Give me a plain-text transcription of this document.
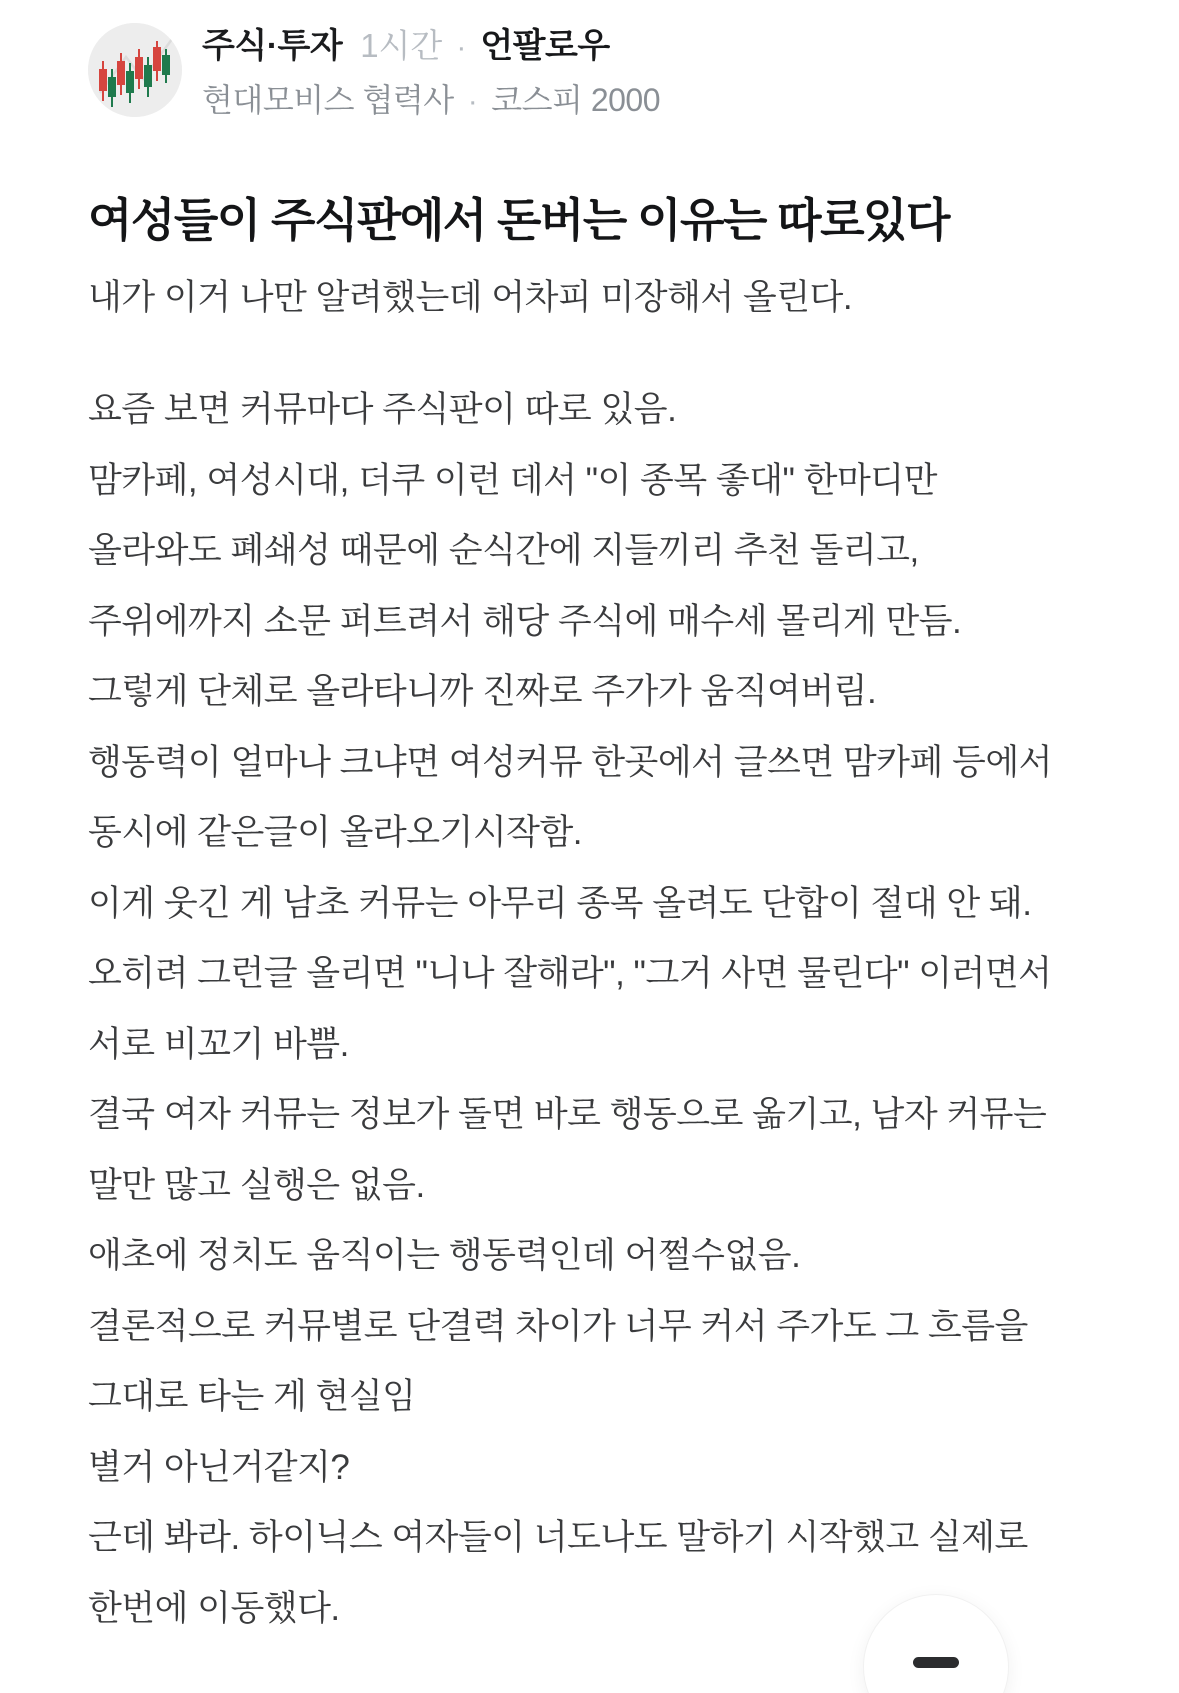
주식·투자 1시간 · 언팔로우
현대모비스 협력사 · 코스피 2000
여성들이 주식판에서 돈버는 이유는 따로있다
내가 이거 나만 알려했는데 어차피 미장해서 올린다.
요즘 보면 커뮤마다 주식판이 따로 있음.
맘카페, 여성시대, 더쿠 이런 데서 "이 종목 좋대" 한마디만
올라와도 폐쇄성 때문에 순식간에 지들끼리 추천 돌리고,
주위에까지 소문 퍼트려서 해당 주식에 매수세 몰리게 만듬.
그렇게 단체로 올라타니까 진짜로 주가가 움직여버림.
행동력이 얼마나 크냐면 여성커뮤 한곳에서 글쓰면 맘카페 등에서
동시에 같은글이 올라오기시작함.
이게 웃긴 게 남초 커뮤는 아무리 종목 올려도 단합이 절대 안 돼.
오히려 그런글 올리면 "니나 잘해라", "그거 사면 물린다" 이러면서
서로 비꼬기 바쁨.
결국 여자 커뮤는 정보가 돌면 바로 행동으로 옮기고, 남자 커뮤는
말만 많고 실행은 없음.
애초에 정치도 움직이는 행동력인데 어쩔수없음.
결론적으로 커뮤별로 단결력 차이가 너무 커서 주가도 그 흐름을
그대로 타는 게 현실임
별거 아닌거같지?
근데 봐라. 하이닉스 여자들이 너도나도 말하기 시작했고 실제로
한번에 이동했다.
